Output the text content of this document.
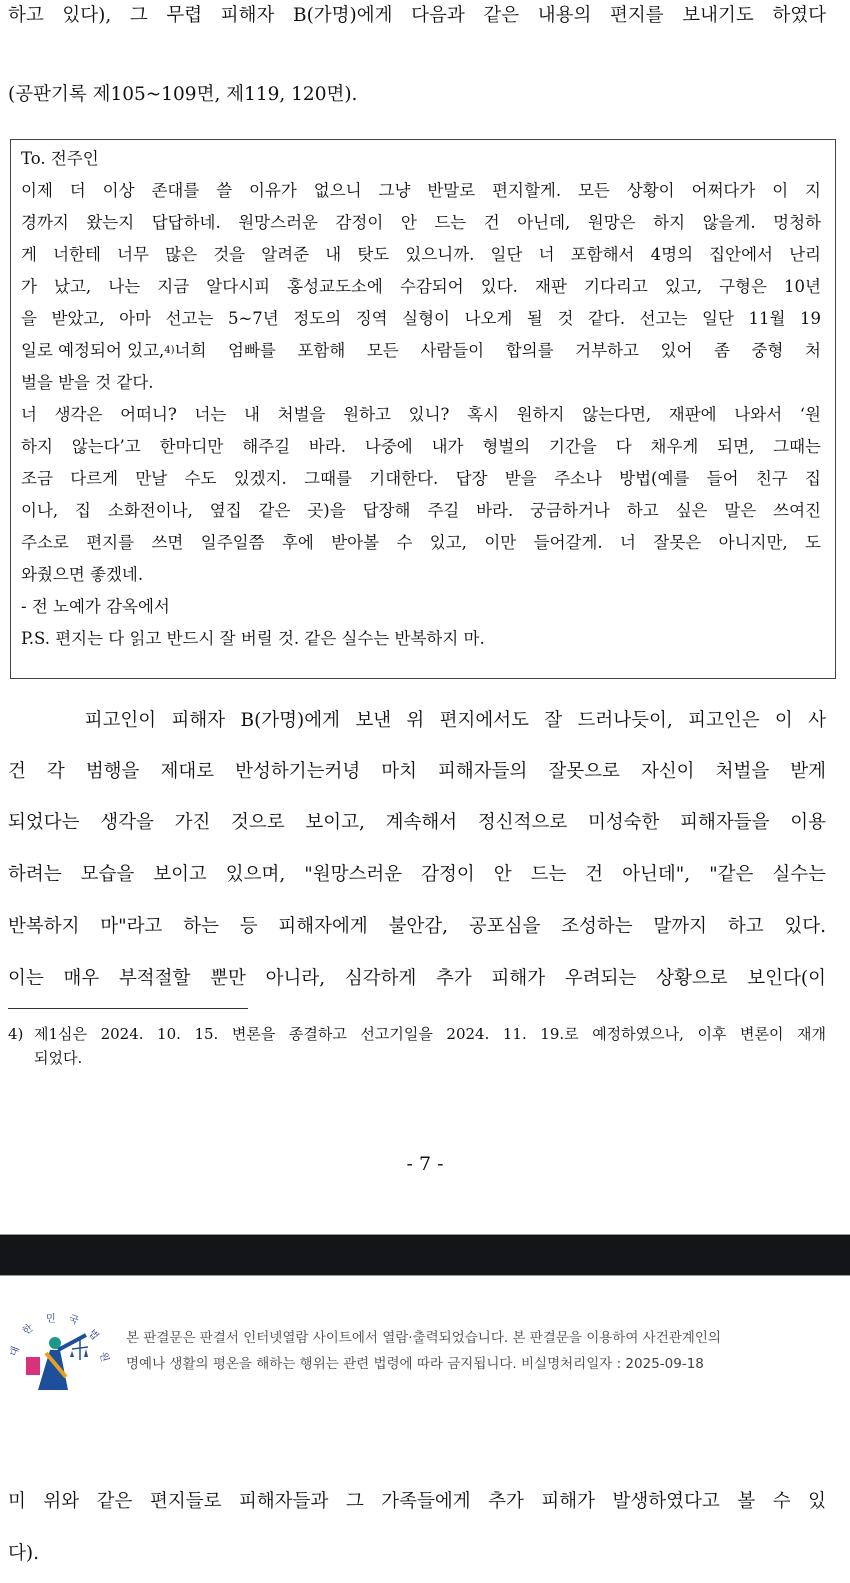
하고 있다), 그 무렵 피해자 B(가명)에게 다음과 같은 내용의 편지를 보내기도 하였다
(공판기록 제105~109면, 제119, 120면).
To. 전주인
이제 더 이상 존대를 쓸 이유가 없으니 그냥 반말로 편지할게. 모든 상황이 어쩌다가 이 지
경까지 왔는지 답답하네. 원망스러운 감정이 안 드는 건 아닌데, 원망은 하지 않을게. 멍청하
게 너한테 너무 많은 것을 알려준 내 탓도 있으니까. 일단 너 포함해서 4명의 집안에서 난리
가 났고, 나는 지금 알다시피 홍성교도소에 수감되어 있다. 재판 기다리고 있고, 구형은 10년
을 받았고, 아마 선고는 5~7년 정도의 징역 실형이 나오게 될 것 같다. 선고는 일단 11월 19
일로 예정되어 있고, 4) 너희 엄빠를 포함해 모든 사람들이 합의를 거부하고 있어 좀 중형 처
벌을 받을 것 같다.
너 생각은 어떠니? 너는 내 처벌을 원하고 있니? 혹시 원하지 않는다면, 재판에 나와서 ‘원
하지 않는다’고 한마디만 해주길 바라. 나중에 내가 형벌의 기간을 다 채우게 되면, 그때는
조금 다르게 만날 수도 있겠지. 그때를 기대한다. 답장 받을 주소나 방법(예를 들어 친구 집
이나, 집 소화전이나, 옆집 같은 곳)을 답장해 주길 바라. 궁금하거나 하고 싶은 말은 쓰여진
주소로 편지를 쓰면 일주일쯤 후에 받아볼 수 있고, 이만 들어갈게. 너 잘못은 아니지만, 도
와줬으면 좋겠네.
- 전 노예가 감옥에서
P.S. 편지는 다 읽고 반드시 잘 버릴 것. 같은 실수는 반복하지 마.
피고인이 피해자 B(가명)에게 보낸 위 편지에서도 잘 드러나듯이, 피고인은 이 사
건 각 범행을 제대로 반성하기는커녕 마치 피해자들의 잘못으로 자신이 처벌을 받게
되었다는 생각을 가진 것으로 보이고, 계속해서 정신적으로 미성숙한 피해자들을 이용
하려는 모습을 보이고 있으며, "원망스러운 감정이 안 드는 건 아닌데", "같은 실수는
반복하지 마"라고 하는 등 피해자에게 불안감, 공포심을 조성하는 말까지 하고 있다.
이는 매우 부적절할 뿐만 아니라, 심각하게 추가 피해가 우려되는 상황으로 보인다(이
4) 제1심은 2024. 10. 15. 변론을 종결하고 선고기일을 2024. 11. 19.로 예정하였으나, 이후 변론이 재개
되었다.
- 7 -
대
한
민 국
법
원
본 판결문은 판결서 인터넷열람 사이트에서 열람·출력되었습니다. 본 판결문을 이용하여 사건관계인의
명예나 생활의 평온을 해하는 행위는 관련 법령에 따라 금지됩니다. 비실명처리일자 : 2025-09-18
미 위와 같은 편지들로 피해자들과 그 가족들에게 추가 피해가 발생하였다고 볼 수 있
다).
